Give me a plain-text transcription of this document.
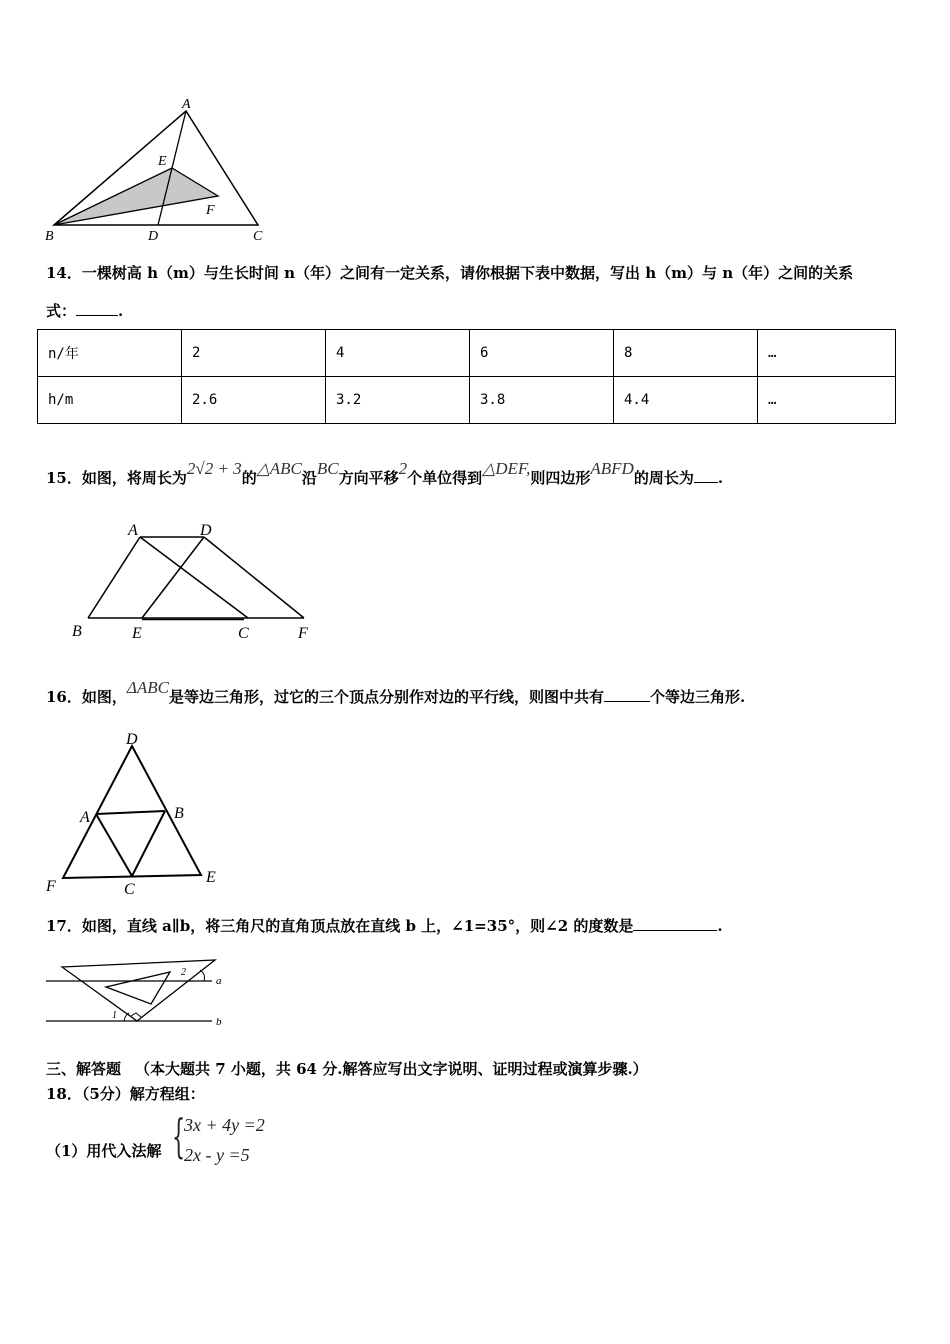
A
E
F
B	D	C
14．一棵树高 h（m）与生长时间 n（年）之间有一定关系，请你根据下表中数据，写出 h（m）与 n（年）之间的关系
式：	.
n/年	2	4	6	8	…
h/m	2.6	3.2	3.8	4.4	…
15．如图，将周长为2√2 + 3的△ABC沿BC方向平移2个单位得到△DEF,则四边形ABFD的周长为 .
A	D
B	E	C	F
16．如图，ΔABC是等边三角形，过它的三个顶点分别作对边的平行线，则图中共有	个等边三角形.
D
A	B
F	C
E
17．如图，直线 a∥b，将三角尺的直角顶点放在直线 b 上，∠1=35°，则∠2 的度数是	.
2
a
1
b
三、解答题 （本大题共 7 小题，共 64 分.解答应写出文字说明、证明过程或演算步骤.）
18．（5分）解方程组：
（1）用代入法解 {
3x + 4y =2
2x - y =5
